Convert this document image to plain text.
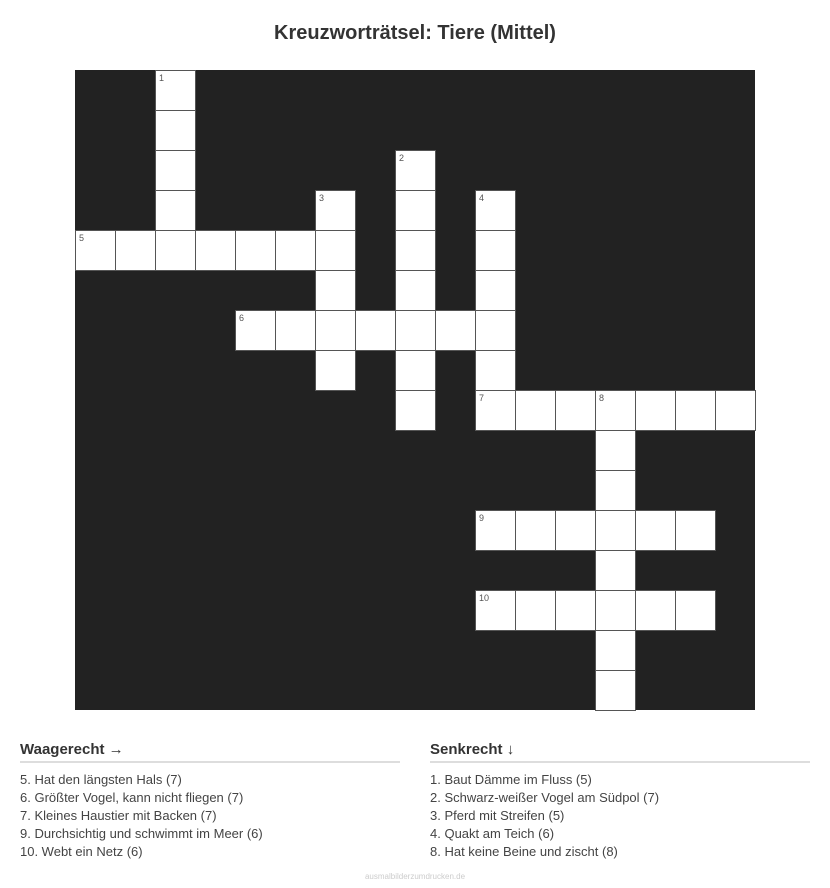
Kreuzworträtsel: Tiere (Mittel)
1
2
3	4
7
5
6
8
9
10
Waagerecht →
5. Hat den längsten Hals (7)
6. Größter Vogel, kann nicht fliegen (7)
7. Kleines Haustier mit Backen (7)
9. Durchsichtig und schwimmt im Meer (6)
10. Webt ein Netz (6)
Senkrecht ↓
1. Baut Dämme im Fluss (5)
2. Schwarz-weißer Vogel am Südpol (7)
3. Pferd mit Streifen (5)
4. Quakt am Teich (6)
8. Hat keine Beine und zischt (8)
ausmalbilderzumdrucken.de
